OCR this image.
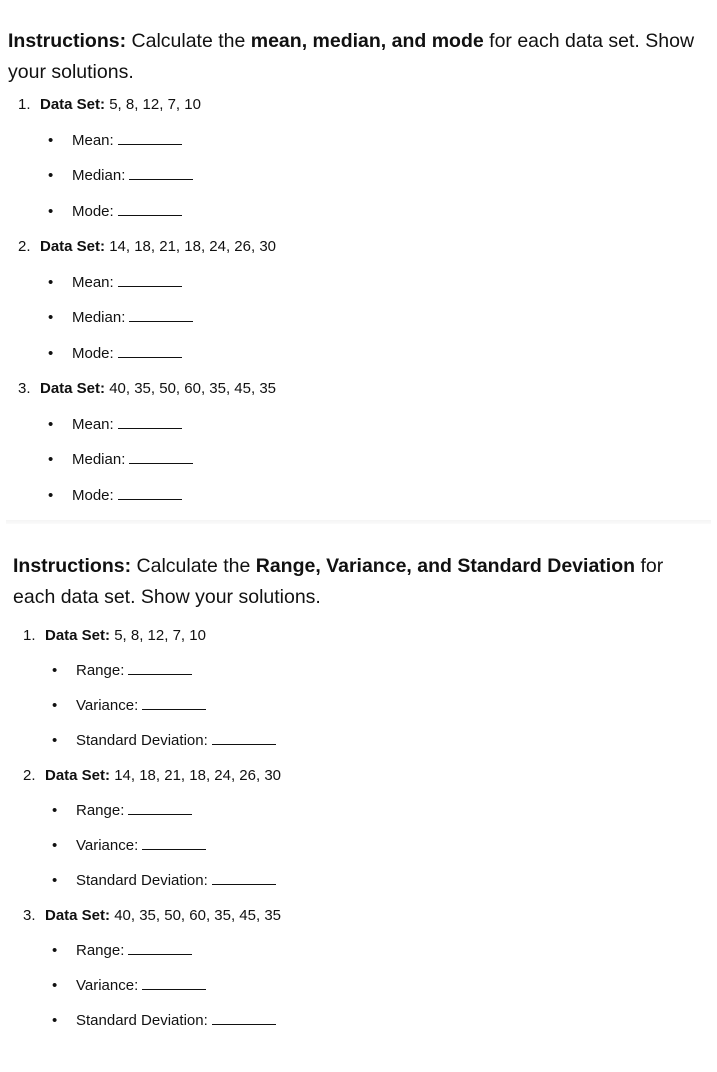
Instructions: Calculate the mean, median, and mode for each data set. Show your solutions.

1. Data Set: 5, 8, 12, 7, 10
• Mean:
• Median:
• Mode:
2. Data Set: 14, 18, 21, 18, 24, 26, 30
• Mean:
• Median:
• Mode:
3. Data Set: 40, 35, 50, 60, 35, 45, 35
• Mean:
• Median:
• Mode:

Instructions: Calculate the Range, Variance, and Standard Deviation for each data set. Show your solutions.

1. Data Set: 5, 8, 12, 7, 10
• Range:
• Variance:
• Standard Deviation:
2. Data Set: 14, 18, 21, 18, 24, 26, 30
• Range:
• Variance:
• Standard Deviation:
3. Data Set: 40, 35, 50, 60, 35, 45, 35
• Range:
• Variance:
• Standard Deviation:
